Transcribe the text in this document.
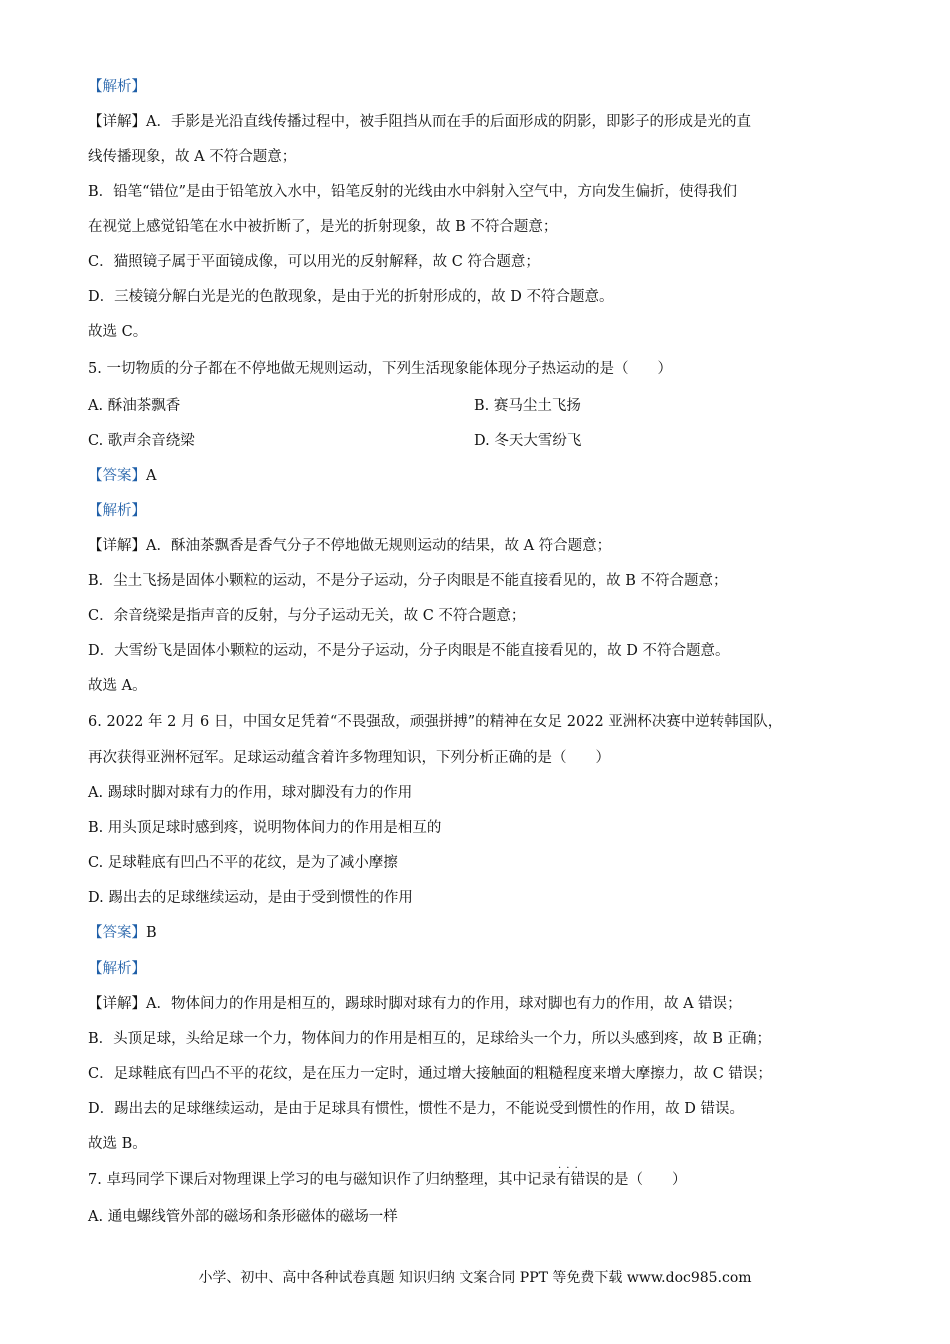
【解析】
【详解】A．手影是光沿直线传播过程中，被手阻挡从而在手的后面形成的阴影，即影子的形成是光的直
线传播现象，故 A 不符合题意；
B．铅笔“错位”是由于铅笔放入水中，铅笔反射的光线由水中斜射入空气中，方向发生偏折，使得我们
在视觉上感觉铅笔在水中被折断了，是光的折射现象，故 B 不符合题意；
C．猫照镜子属于平面镜成像，可以用光的反射解释，故 C 符合题意；
D．三棱镜分解白光是光的色散现象，是由于光的折射形成的，故 D 不符合题意。
故选 C。
5. 一切物质的分子都在不停地做无规则运动，下列生活现象能体现分子热运动的是（　　）
A. 酥油茶飘香	B. 赛马尘土飞扬
C. 歌声余音绕梁	D. 冬天大雪纷飞
【答案】A
【解析】
【详解】A．酥油茶飘香是香气分子不停地做无规则运动的结果，故 A 符合题意；
B．尘土飞扬是固体小颗粒的运动，不是分子运动，分子肉眼是不能直接看见的，故 B 不符合题意；
C．余音绕梁是指声音的反射，与分子运动无关，故 C 不符合题意；
D．大雪纷飞是固体小颗粒的运动，不是分子运动，分子肉眼是不能直接看见的，故 D 不符合题意。
故选 A。
6. 2022 年 2 月 6 日，中国女足凭着“不畏强敌，顽强拼搏”的精神在女足 2022 亚洲杯决赛中逆转韩国队，
再次获得亚洲杯冠军。足球运动蕴含着许多物理知识，下列分析正确的是（　　）
A. 踢球时脚对球有力的作用，球对脚没有力的作用
B. 用头顶足球时感到疼，说明物体间力的作用是相互的
C. 足球鞋底有凹凸不平的花纹，是为了减小摩擦
D. 踢出去的足球继续运动，是由于受到惯性的作用
【答案】B
【解析】
【详解】A．物体间力的作用是相互的，踢球时脚对球有力的作用，球对脚也有力的作用，故 A 错误；
B．头顶足球，头给足球一个力，物体间力的作用是相互的，足球给头一个力，所以头感到疼，故 B 正确；
C．足球鞋底有凹凸不平的花纹，是在压力一定时，通过增大接触面的粗糙程度来增大摩擦力，故 C 错误；
D．踢出去的足球继续运动，是由于足球具有惯性，惯性不是力，不能说受到惯性的作用，故 D 错误。
故选 B。
7. 卓玛同学下课后对物理课上学习的电与磁知识作了归纳整理，其中记录· · · 有错误的是（　　）
A. 通电螺线管外部的磁场和条形磁体的磁场一样
小学、初中、高中各种试卷真题 知识归纳 文案合同 PPT 等免费下载 www.doc985.com
